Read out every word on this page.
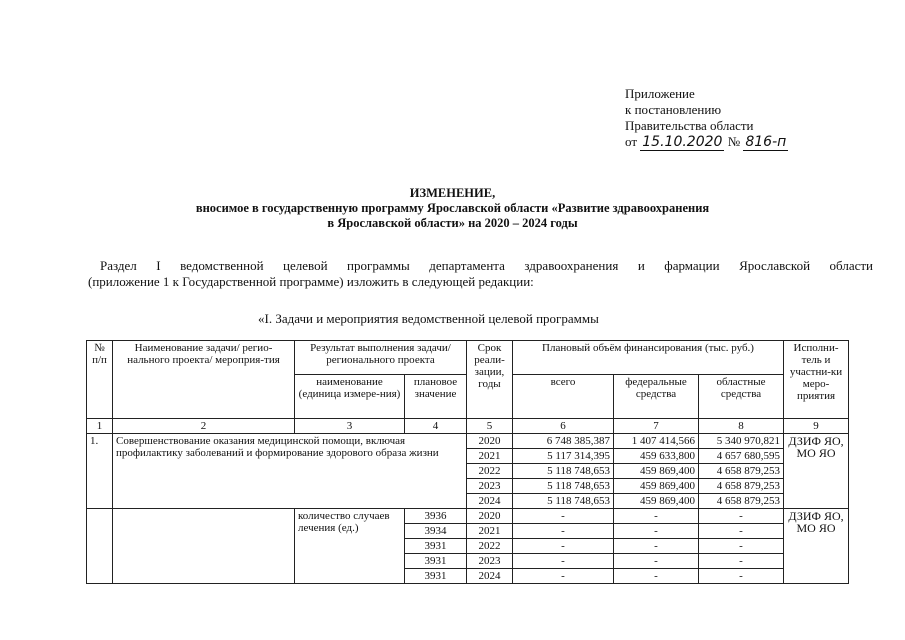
Приложение
к постановлению
Правительства области
от 15.10.2020 № 816-п
ИЗМЕНЕНИЕ,
вносимое в государственную программу Ярославской области «Развитие здравоохранения
в Ярославской области» на 2020 – 2024 годы
Раздел I ведомственной целевой программы департамента здравоохранения и фармации Ярославской области
(приложение 1 к Государственной программе) изложить в следующей редакции:
«I. Задачи и мероприятия ведомственной целевой программы
№ п/п	Наименование задачи/ регио-нального проекта/ мероприя-тия	Результат выполнения задачи/ регионального проекта		Срок реали-зации, годы	Плановый объём финансирования (тыс. руб.)			Исполни-тель и участни-ки меро-приятия
		наименование (единица измере-ния)	плановое значение		всего	федеральные средства	областные средства	
1	2	3	4	5	6	7	8	9
1.	Совершенствование оказания медицинской помощи, включая профилактику заболеваний и формирование здорового образа жизни			2020	6 748 385,387	1 407 414,566	5 340 970,821	ДЗИФ ЯО, МО ЯО
				2021	5 117 314,395	459 633,800	4 657 680,595	
				2022	5 118 748,653	459 869,400	4 658 879,253	
				2023	5 118 748,653	459 869,400	4 658 879,253	
				2024	5 118 748,653	459 869,400	4 658 879,253	
		количество случаев лечения (ед.)	3936	2020	-	-	-	ДЗИФ ЯО, МО ЯО
			3934	2021	-	-	-	
			3931	2022	-	-	-	
			3931	2023	-	-	-	
			3931	2024	-	-	-	
